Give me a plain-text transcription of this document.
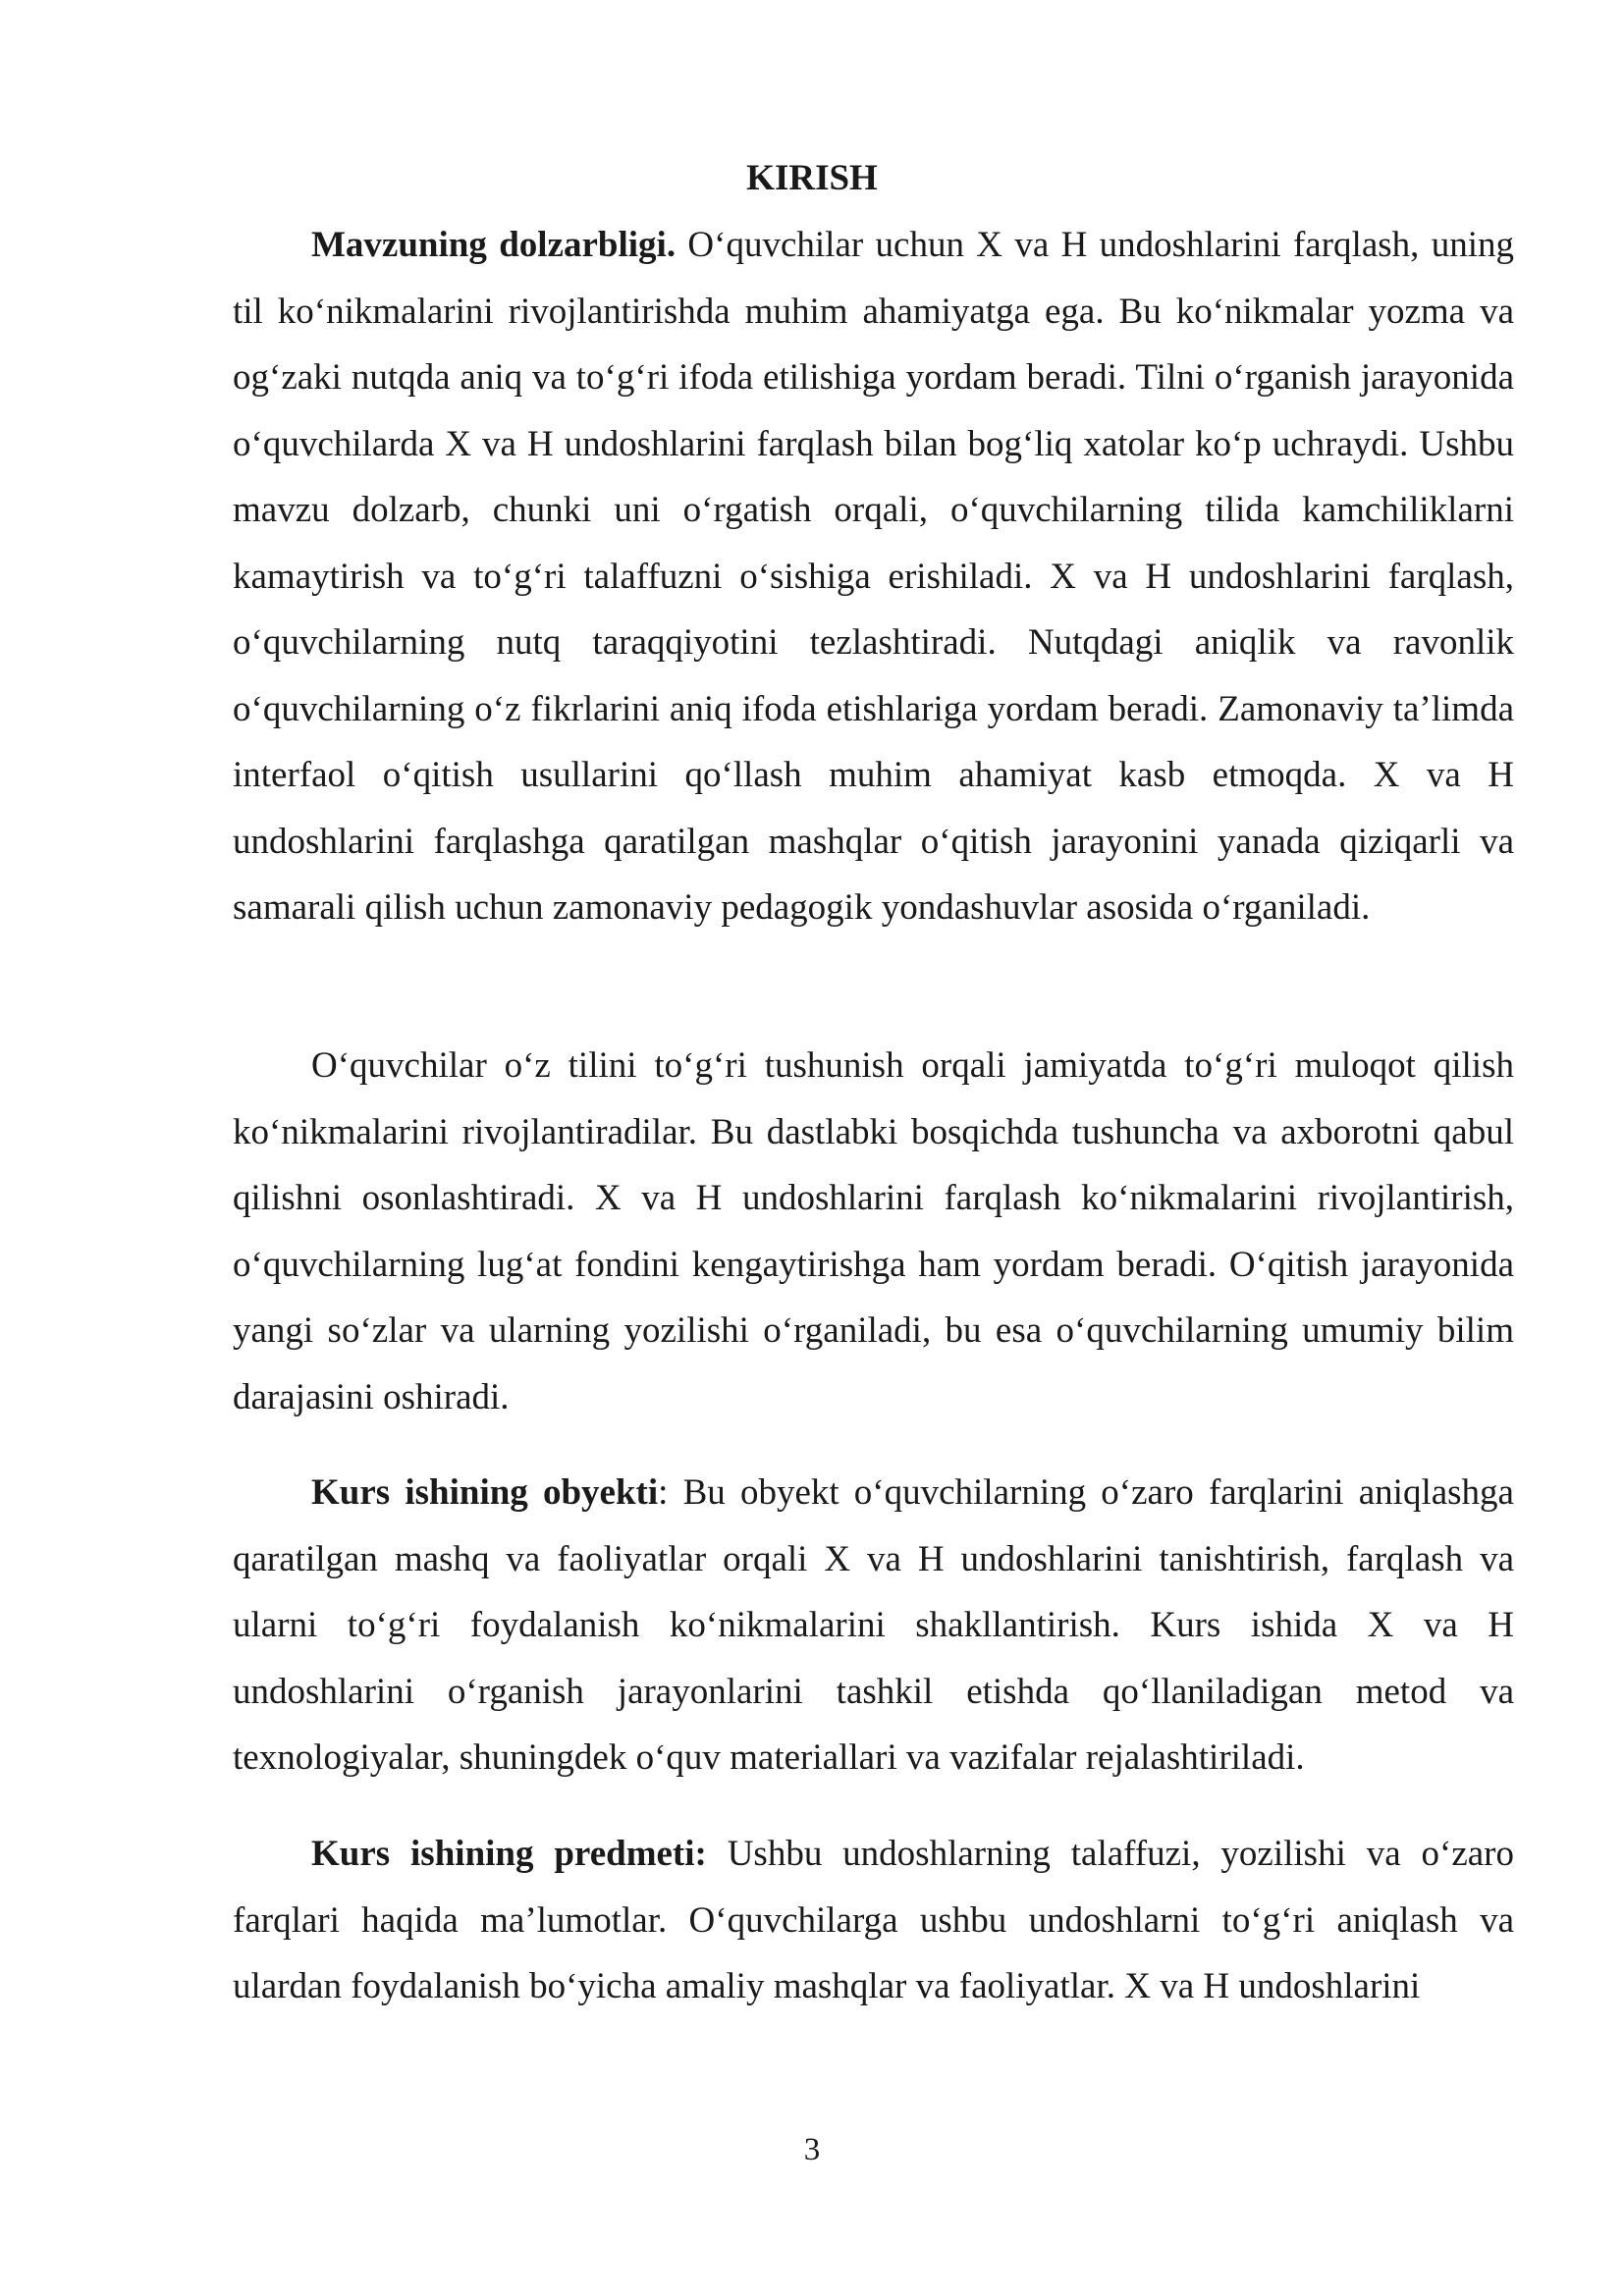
KIRISH

Mavzuning dolzarbligi. O‘quvchilar uchun X va H undoshlarini farqlash, uning til ko‘nikmalarini rivojlantirishda muhim ahamiyatga ega. Bu ko‘nikmalar yozma va og‘zaki nutqda aniq va to‘g‘ri ifoda etilishiga yordam beradi. Tilni o‘rganish jarayonida o‘quvchilarda X va H undoshlarini farqlash bilan bog‘liq xatolar ko‘p uchraydi. Ushbu mavzu dolzarb, chunki uni o‘rgatish orqali, o‘quvchilarning tilida kamchiliklarni kamaytirish va to‘g‘ri talaffuzni o‘sishiga erishiladi. X va H undoshlarini farqlash, o‘quvchilarning nutq taraqqiyotini tezlashtiradi. Nutqdagi aniqlik va ravonlik o‘quvchilarning o‘z fikrlarini aniq ifoda etishlariga yordam beradi. Zamonaviy ta’limda interfaol o‘qitish usullarini qo‘llash muhim ahamiyat kasb etmoqda. X va H undoshlarini farqlashga qaratilgan mashqlar o‘qitish jarayonini yanada qiziqarli va samarali qilish uchun zamonaviy pedagogik yondashuvlar asosida o‘rganiladi.

O‘quvchilar o‘z tilini to‘g‘ri tushunish orqali jamiyatda to‘g‘ri muloqot qilish ko‘nikmalarini rivojlantiradilar. Bu dastlabki bosqichda tushuncha va axborotni qabul qilishni osonlashtiradi. X va H undoshlarini farqlash ko‘nikmalarini rivojlantirish, o‘quvchilarning lug‘at fondini kengaytirishga ham yordam beradi. O‘qitish jarayonida yangi so‘zlar va ularning yozilishi o‘rganiladi, bu esa o‘quvchilarning umumiy bilim darajasini oshiradi.

Kurs ishining obyekti: Bu obyekt o‘quvchilarning o‘zaro farqlarini aniqlashga qaratilgan mashq va faoliyatlar orqali X va H undoshlarini tanishtirish, farqlash va ularni to‘g‘ri foydalanish ko‘nikmalarini shakllantirish. Kurs ishida X va H undoshlarini o‘rganish jarayonlarini tashkil etishda qo‘llaniladigan metod va texnologiyalar, shuningdek o‘quv materiallari va vazifalar rejalashtiriladi.

Kurs ishining predmeti: Ushbu undoshlarning talaffuzi, yozilishi va o‘zaro farqlari haqida ma’lumotlar. O‘quvchilarga ushbu undoshlarni to‘g‘ri aniqlash va ulardan foydalanish bo‘yicha amaliy mashqlar va faoliyatlar. X va H undoshlarini

3
